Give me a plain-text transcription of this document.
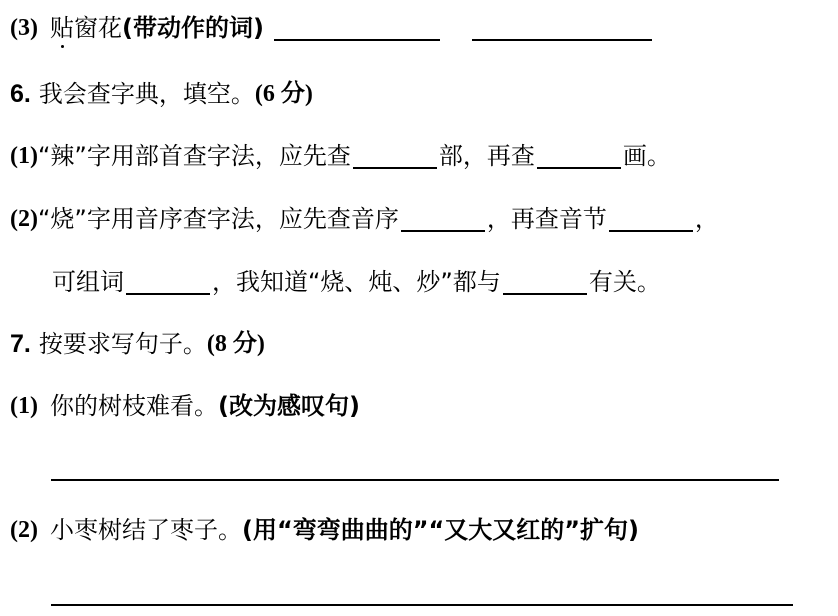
(3) 贴 窗花 (带动作的词)
6 . 我会查字典，填空。 (6 分)
(1) “辣” 字用部首查字法，应先查	部，再查	画。
(2) “烧” 字用音序查字法，应先查音序	，再查音节	，
可组词	，我知道“烧、炖、炒”都与	有关。
7 . 按要求写句子。 (8 分)
(1) 你的树枝难看。 (改为感叹句)
(2) 小枣树结了枣子。 (用“弯弯曲曲的”“又大又红的”扩句)
